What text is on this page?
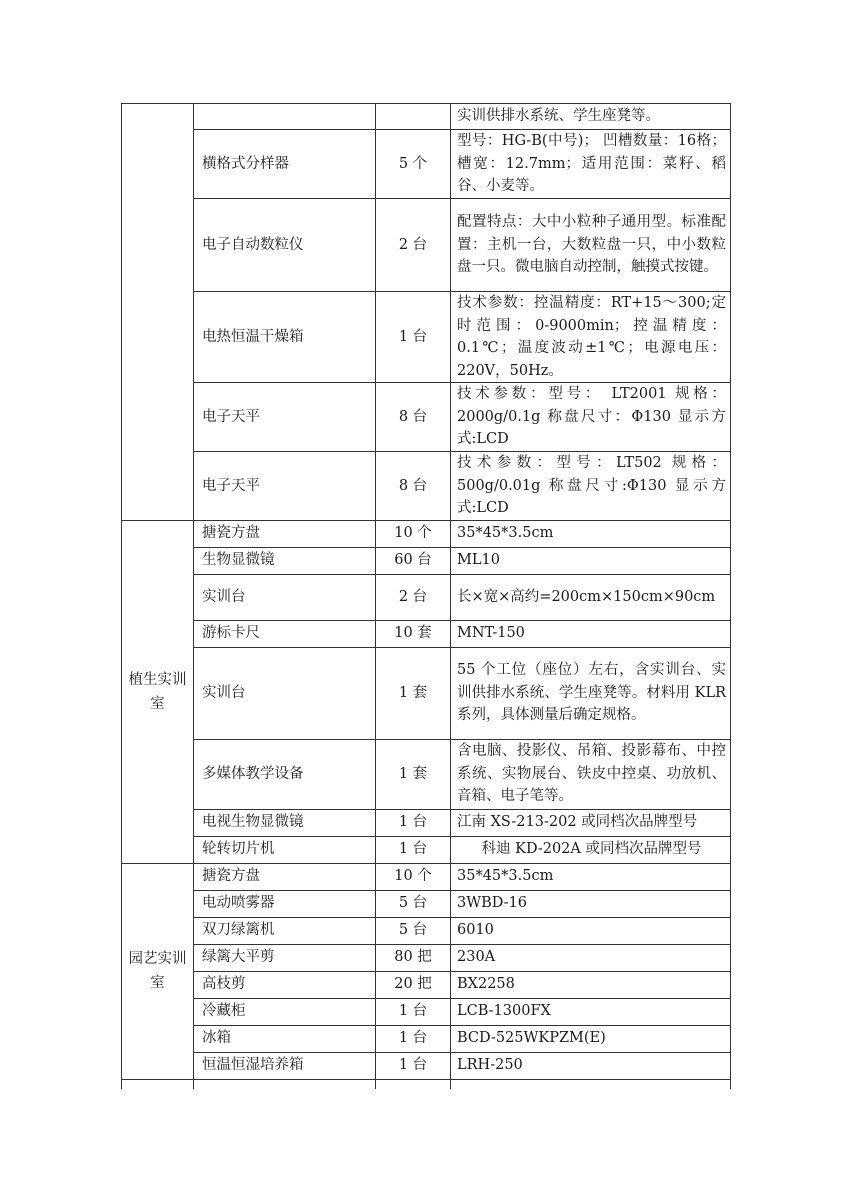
			实训供排水系统、学生座凳等。
	横格式分样器	5 个	型号：HG-B(中号)； 凹槽数量：16格； 槽宽：12.7mm；适用范围：菜籽、稻谷、小麦等。
	电子自动数粒仪	2 台	配置特点：大中小粒种子通用型。标准配置：主机一台，大数粒盘一只，中小数粒盘一只。微电脑自动控制，触摸式按键。
	电热恒温干燥箱	1 台	技术参数：控温精度：RT+15～300;定时范围：0-9000min；控温精度：0.1℃；温度波动±1℃；电源电压：220V，50Hz。
	电子天平	8 台	技术参数：型号： LT2001 规格：2000g/0.1g 称盘尺寸：Φ130 显示方式:LCD
	电子天平	8 台	技术参数：型号：LT502 规格：500g/0.01g 称盘尺寸:Φ130 显示方式:LCD
植生实训室	搪瓷方盘	10 个	35*45*3.5cm
	生物显微镜	60 台	ML10
	实训台	2 台	长×宽×高约=200cm×150cm×90cm
	游标卡尺	10 套	MNT-150
	实训台	1 套	55 个工位（座位）左右，含实训台、实训供排水系统、学生座凳等。材料用 KLR 系列，具体测量后确定规格。
	多媒体教学设备	1 套	含电脑、投影仪、吊箱、投影幕布、中控系统、实物展台、铁皮中控桌、功放机、音箱、电子笔等。
	电视生物显微镜	1 台	江南 XS-213-202 或同档次品牌型号
	轮转切片机	1 台	科迪 KD-202A 或同档次品牌型号
园艺实训室	搪瓷方盘	10 个	35*45*3.5cm
	电动喷雾器	5 台	3WBD-16
	双刀绿篱机	5 台	6010
	绿篱大平剪	80 把	230A
	高枝剪	20 把	BX2258
	冷藏柜	1 台	LCB-1300FX
	冰箱	1 台	BCD-525WKPZM(E)
	恒温恒湿培养箱	1 台	LRH-250
